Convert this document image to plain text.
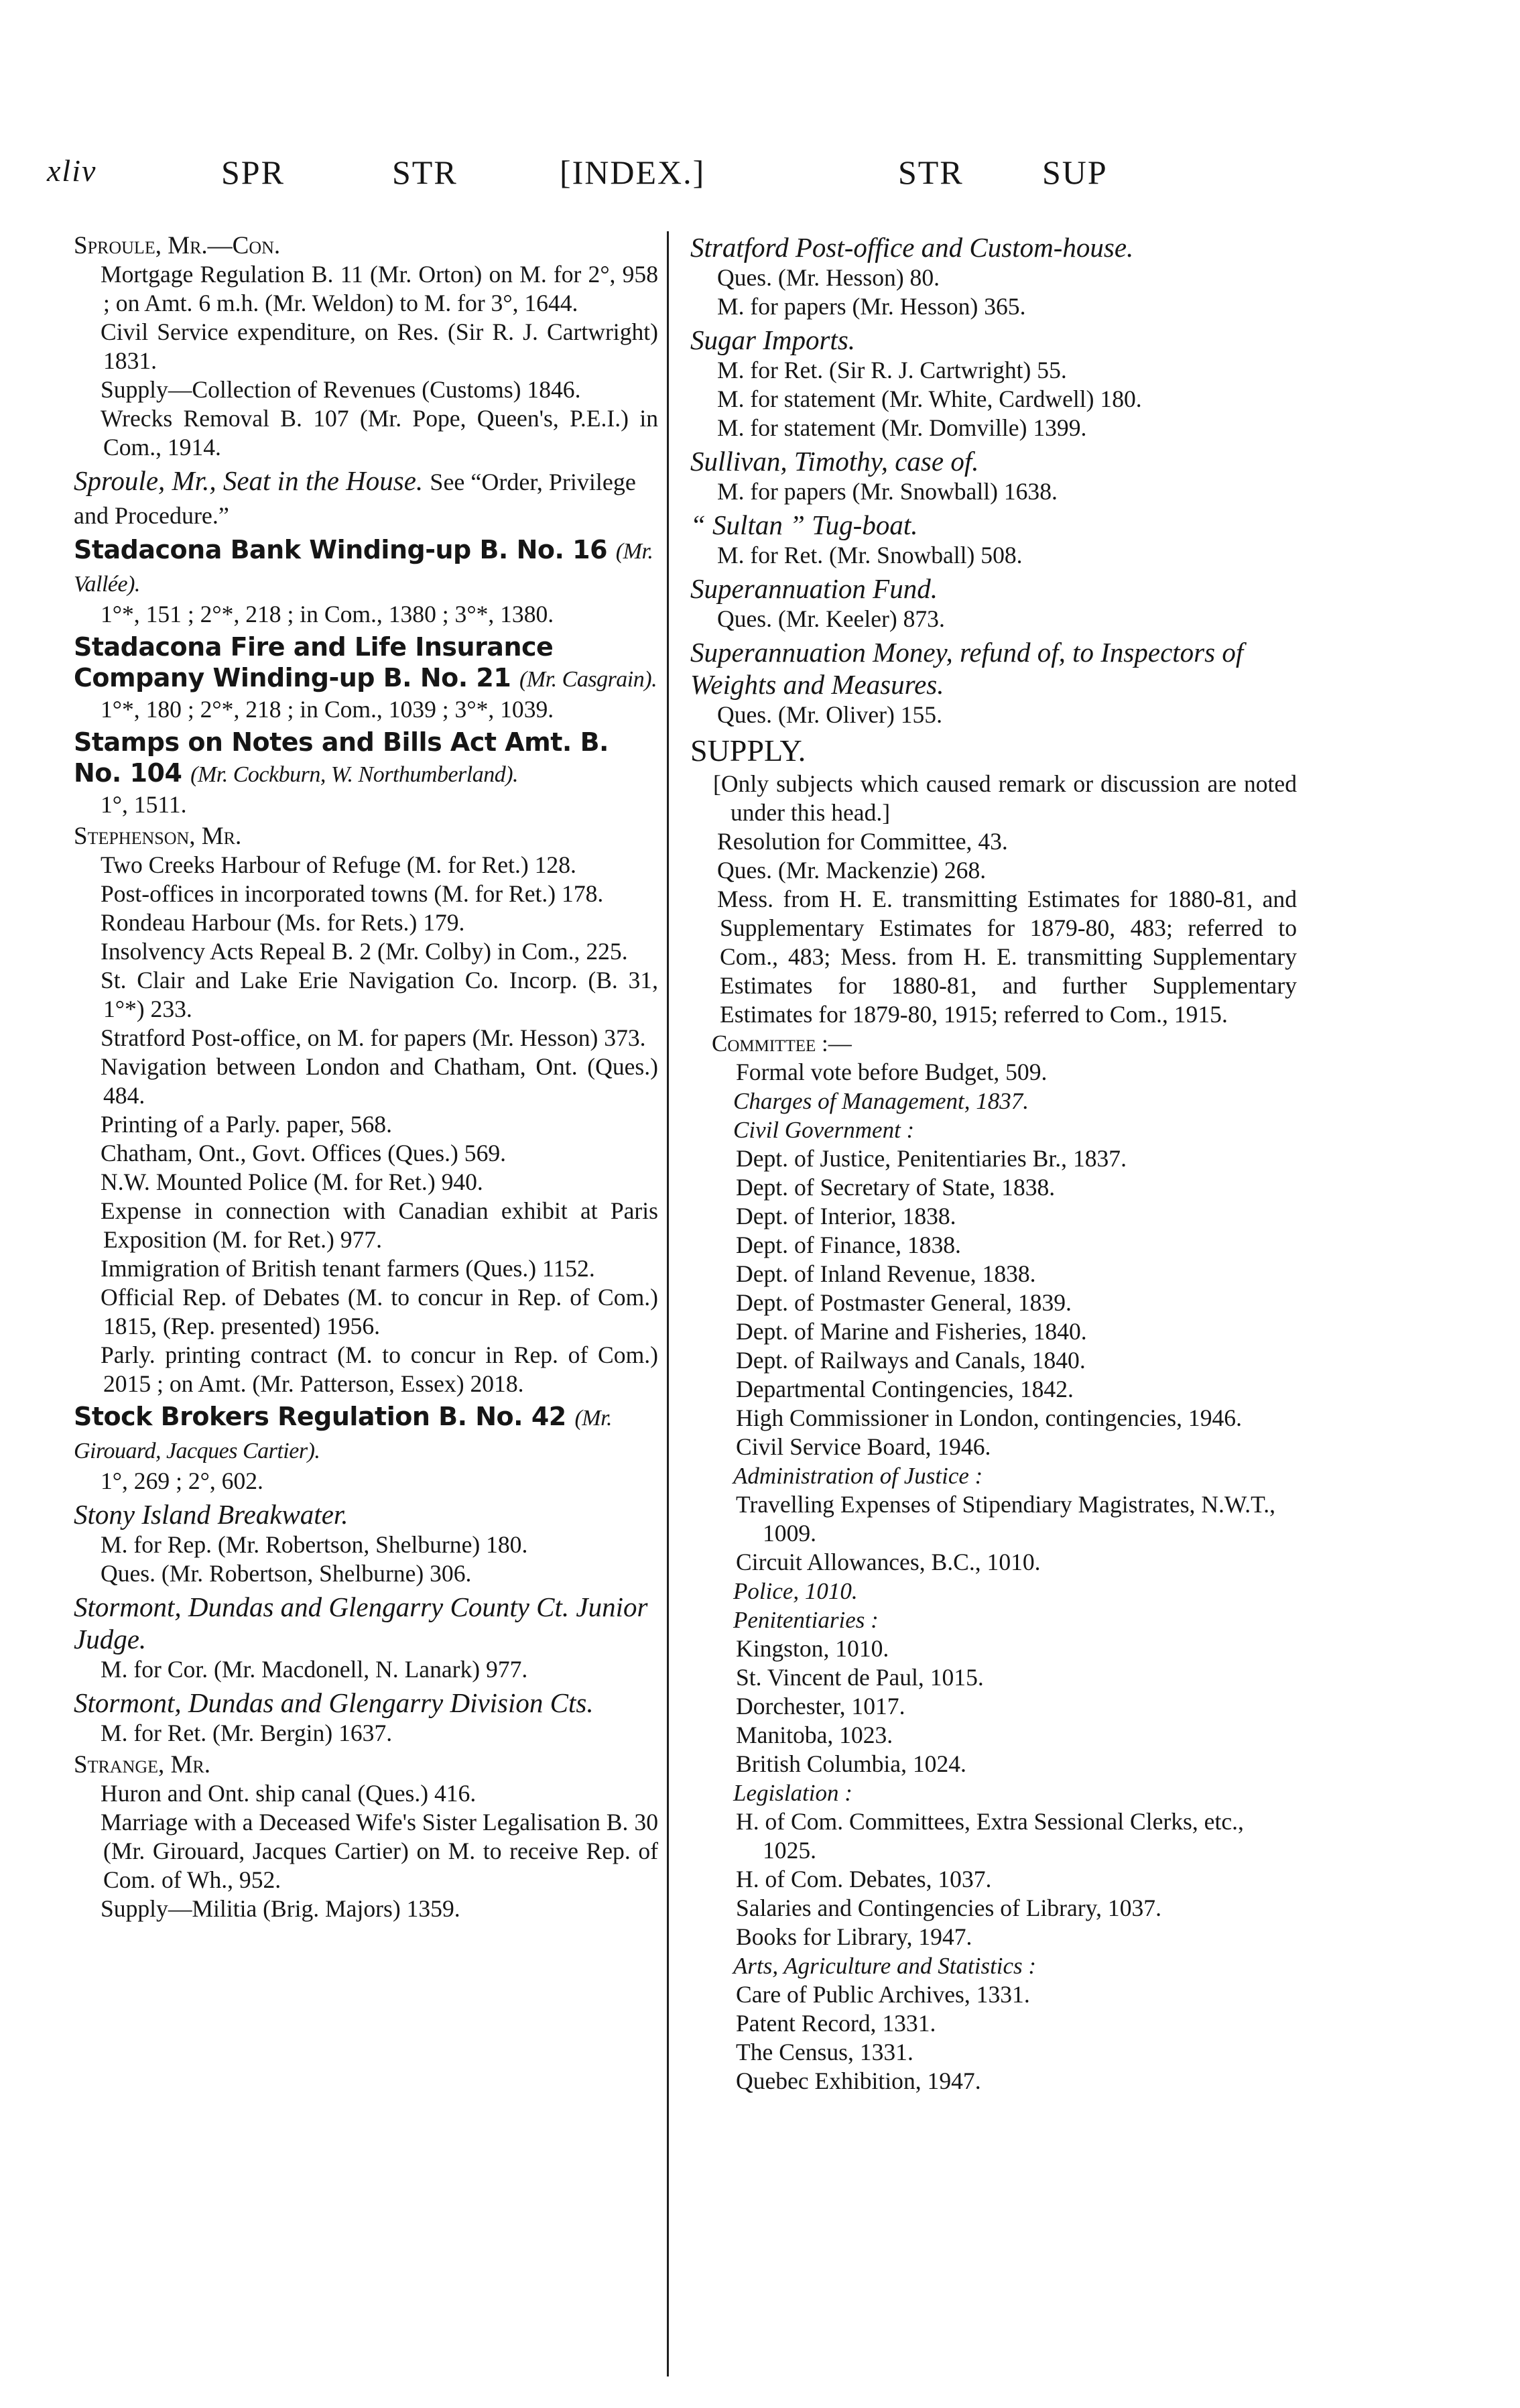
xliv	SPR	STR	[INDEX.]	STR SUP
Sproule, Mr.—Con.
Mortgage Regulation B. 11 (Mr. Orton) on M. for 2°, 958 ; on Amt. 6 m.h. (Mr. Weldon) to M. for 3°, 1644.
Civil Service expenditure, on Res. (Sir R. J. Cartwright) 1831.
Supply—Collection of Revenues (Customs) 1846.
Wrecks Removal B. 107 (Mr. Pope, Queen's, P.E.I.) in Com., 1914.
Sproule, Mr., Seat in the House. See “Order, Privilege and Procedure.”
Stadacona Bank Winding-up B. No. 16 (Mr. Vallée).
1°*, 151 ; 2°*, 218 ; in Com., 1380 ; 3°*, 1380.
Stadacona Fire and Life Insurance Company Winding-up B. No. 21 (Mr. Casgrain).
1°*, 180 ; 2°*, 218 ; in Com., 1039 ; 3°*, 1039.
Stamps on Notes and Bills Act Amt. B. No. 104 (Mr. Cockburn, W. Northumberland).
1°, 1511.
Stephenson, Mr.
Two Creeks Harbour of Refuge (M. for Ret.) 128.
Post-offices in incorporated towns (M. for Ret.) 178.
Rondeau Harbour (Ms. for Rets.) 179.
Insolvency Acts Repeal B. 2 (Mr. Colby) in Com., 225.
St. Clair and Lake Erie Navigation Co. Incorp. (B. 31, 1°*) 233.
Stratford Post-office, on M. for papers (Mr. Hesson) 373.
Navigation between London and Chatham, Ont. (Ques.) 484.
Printing of a Parly. paper, 568.
Chatham, Ont., Govt. Offices (Ques.) 569.
N.W. Mounted Police (M. for Ret.) 940.
Expense in connection with Canadian exhibit at Paris Exposition (M. for Ret.) 977.
Immigration of British tenant farmers (Ques.) 1152.
Official Rep. of Debates (M. to concur in Rep. of Com.) 1815, (Rep. presented) 1956.
Parly. printing contract (M. to concur in Rep. of Com.) 2015 ; on Amt. (Mr. Patterson, Essex) 2018.
Stock Brokers Regulation B. No. 42 (Mr. Girouard, Jacques Cartier).
1°, 269 ; 2°, 602.
Stony Island Breakwater.
M. for Rep. (Mr. Robertson, Shelburne) 180.
Ques. (Mr. Robertson, Shelburne) 306.
Stormont, Dundas and Glengarry County Ct. Junior Judge.
M. for Cor. (Mr. Macdonell, N. Lanark) 977.
Stormont, Dundas and Glengarry Division Cts.
M. for Ret. (Mr. Bergin) 1637.
Strange, Mr.
Huron and Ont. ship canal (Ques.) 416.
Marriage with a Deceased Wife's Sister Legalisation B. 30 (Mr. Girouard, Jacques Cartier) on M. to receive Rep. of Com. of Wh., 952.
Supply—Militia (Brig. Majors) 1359.
Stratford Post-office and Custom-house.
Ques. (Mr. Hesson) 80.
M. for papers (Mr. Hesson) 365.
Sugar Imports.
M. for Ret. (Sir R. J. Cartwright) 55.
M. for statement (Mr. White, Cardwell) 180.
M. for statement (Mr. Domville) 1399.
Sullivan, Timothy, case of.
M. for papers (Mr. Snowball) 1638.
“ Sultan ” Tug-boat.
M. for Ret. (Mr. Snowball) 508.
Superannuation Fund.
Ques. (Mr. Keeler) 873.
Superannuation Money, refund of, to Inspectors of Weights and Measures.
Ques. (Mr. Oliver) 155.
SUPPLY.
[Only subjects which caused remark or discussion are noted under this head.]
Resolution for Committee, 43.
Ques. (Mr. Mackenzie) 268.
Mess. from H. E. transmitting Estimates for 1880-81, and Supplementary Estimates for 1879-80, 483; referred to Com., 483; Mess. from H. E. transmitting Supplementary Estimates for 1880-81, and further Supplementary Estimates for 1879-80, 1915; referred to Com., 1915.
Committee :—
Formal vote before Budget, 509.
Charges of Management, 1837.
Civil Government :
Dept. of Justice, Penitentiaries Br., 1837.
Dept. of Secretary of State, 1838.
Dept. of Interior, 1838.
Dept. of Finance, 1838.
Dept. of Inland Revenue, 1838.
Dept. of Postmaster General, 1839.
Dept. of Marine and Fisheries, 1840.
Dept. of Railways and Canals, 1840.
Departmental Contingencies, 1842.
High Commissioner in London, contingencies, 1946.
Civil Service Board, 1946.
Administration of Justice :
Travelling Expenses of Stipendiary Magistrates, N.W.T., 1009.
Circuit Allowances, B.C., 1010.
Police, 1010.
Penitentiaries :
Kingston, 1010.
St. Vincent de Paul, 1015.
Dorchester, 1017.
Manitoba, 1023.
British Columbia, 1024.
Legislation :
H. of Com. Committees, Extra Sessional Clerks, etc., 1025.
H. of Com. Debates, 1037.
Salaries and Contingencies of Library, 1037.
Books for Library, 1947.
Arts, Agriculture and Statistics :
Care of Public Archives, 1331.
Patent Record, 1331.
The Census, 1331.
Quebec Exhibition, 1947.
